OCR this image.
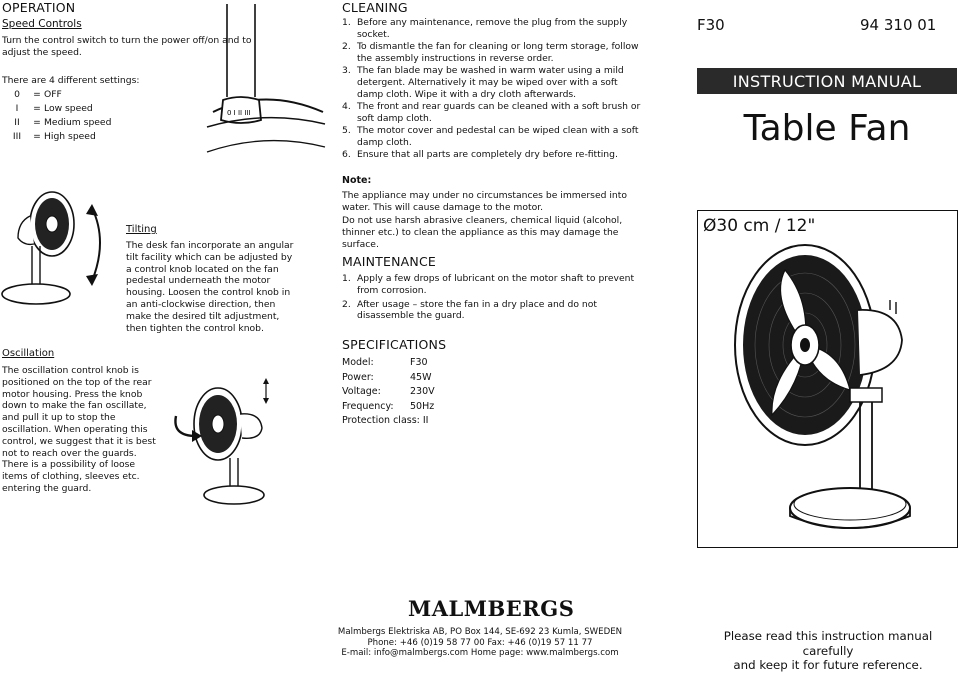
OPERATION
Speed Controls
Turn the control switch to turn the power off/on and to adjust the speed.
There are 4 different settings:
0	= OFF
I	= Low speed
II	= Medium speed
III	= High speed
0 I II III
Tilting
The desk fan incorporate an angular tilt facility which can be adjusted by a control knob located on the fan pedestal underneath the motor housing. Loosen the control knob in an anti-clockwise direction, then make the desired tilt adjustment, then tighten the control knob.
Oscillation
The oscillation control knob is positioned on the top of the rear motor housing. Press the knob down to make the fan oscillate, and pull it up to stop the oscillation. When operating this control, we suggest that it is best not to reach over the guards. There is a possibility of loose items of clothing, sleeves etc. entering the guard.
CLEANING
1. Before any maintenance, remove the plug from the supply socket.
2. To dismantle the fan for cleaning or long term storage, follow the assembly instructions in reverse order.
3. The fan blade may be washed in warm water using a mild detergent. Alternatively it may be wiped over with a soft damp cloth. Wipe it with a dry cloth afterwards.
4. The front and rear guards can be cleaned with a soft brush or soft damp cloth.
5. The motor cover and pedestal can be wiped clean with a soft damp cloth.
6. Ensure that all parts are completely dry before re-fitting.
Note:
The appliance may under no circumstances be immersed into water. This will cause damage to the motor.
Do not use harsh abrasive cleaners, chemical liquid (alcohol, thinner etc.) to clean the appliance as this may damage the surface.
MAINTENANCE
1. Apply a few drops of lubricant on the motor shaft to prevent from corrosion.
2. After usage – store the fan in a dry place and do not disassemble the guard.
SPECIFICATIONS
Model:	F30
Power:	45W
Voltage:	230V
Frequency:	50Hz
Protection class: II	
MALMBERGS
Malmbergs Elektriska AB, PO Box 144, SE-692 23 Kumla, SWEDEN
Phone: +46 (0)19 58 77 00 Fax: +46 (0)19 57 11 77
E-mail: info@malmbergs.com Home page: www.malmbergs.com
F30	94 310 01
INSTRUCTION MANUAL
Table Fan
Ø30 cm / 12"
Please read this instruction manual carefully
and keep it for future reference.
